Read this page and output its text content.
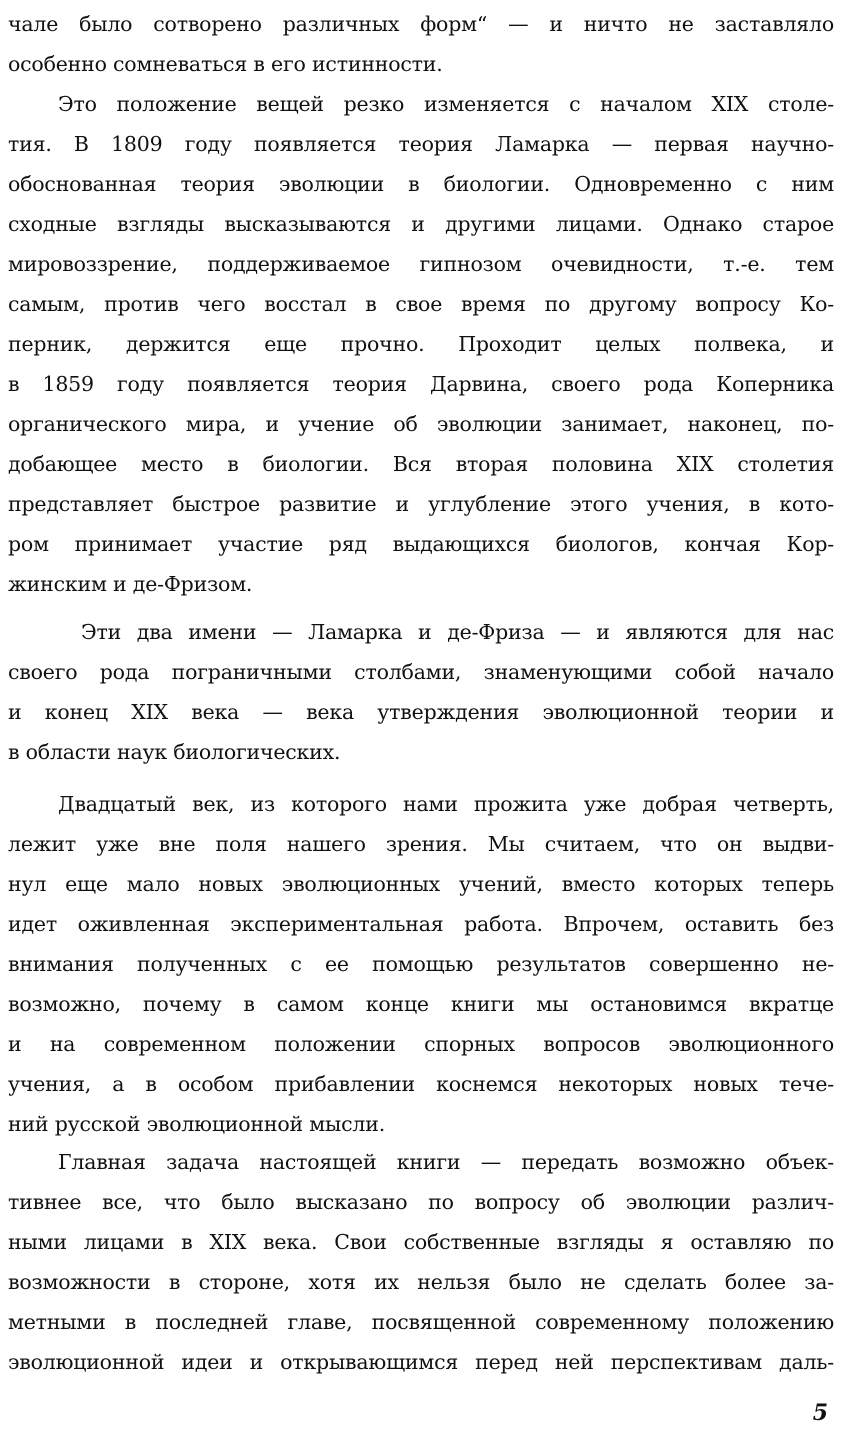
чале было сотворено различных форм“ — и ничто не заставляло
особенно сомневаться в его истинности.
Это положение вещей резко изменяется с началом XIX столе-
тия. В 1809 году появляется теория Ламарка — первая научно-
обоснованная теория эволюции в биологии. Одновременно с ним
сходные взгляды высказываются и другими лицами. Однако старое
мировоззрение, поддерживаемое гипнозом очевидности, т.-е. тем
самым, против чего восстал в свое время по другому вопросу Ко-
перник, держится еще прочно. Проходит целых полвека, и
в 1859 году появляется теория Дарвина, своего рода Коперника
органического мира, и учение об эволюции занимает, наконец, по-
добающее место в биологии. Вся вторая половина XIX столетия
представляет быстрое развитие и углубление этого учения, в кото-
ром принимает участие ряд выдающихся биологов, кончая Кор-
жинским и де-Фризом.
Эти два имени — Ламарка и де-Фриза — и являются для нас
своего рода пограничными столбами, знаменующими собой начало
и конец XIX века — века утверждения эволюционной теории и
в области наук биологических.
Двадцатый век, из которого нами прожита уже добрая четверть,
лежит уже вне поля нашего зрения. Мы считаем, что он выдви-
нул еще мало новых эволюционных учений, вместо которых теперь
идет оживленная экспериментальная работа. Впрочем, оставить без
внимания полученных с ее помощью результатов совершенно не-
возможно, почему в самом конце книги мы остановимся вкратце
и на современном положении спорных вопросов эволюционного
учения, а в особом прибавлении коснемся некоторых новых тече-
ний русской эволюционной мысли.
Главная задача настоящей книги — передать возможно объек-
тивнее все, что было высказано по вопросу об эволюции различ-
ными лицами в XIX века. Свои собственные взгляды я оставляю по
возможности в стороне, хотя их нельзя было не сделать более за-
метными в последней главе, посвященной современному положению
эволюционной идеи и открывающимся перед ней перспективам даль-
5
